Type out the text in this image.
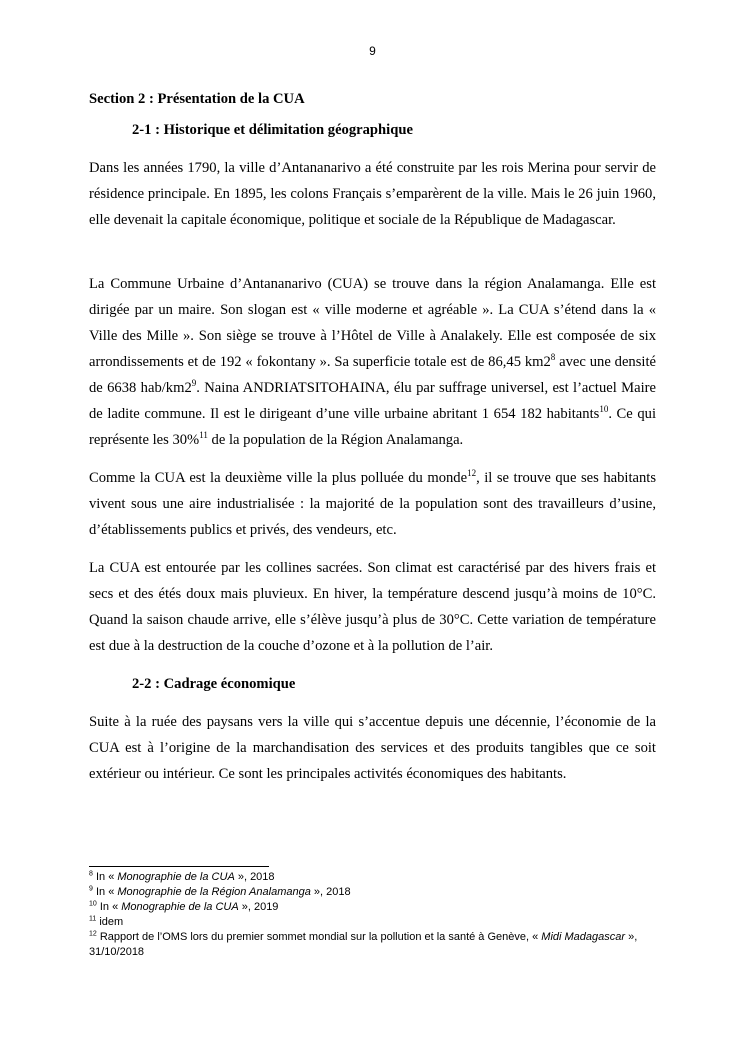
9
Section 2 : Présentation de la CUA
2-1 : Historique et délimitation géographique

Dans les années 1790, la ville d’Antananarivo a été construite par les rois Merina pour servir de résidence principale. En 1895, les colons Français s’emparèrent de la ville. Mais le 26 juin 1960, elle devenait la capitale économique, politique et sociale de la République de Madagascar.

La Commune Urbaine d’Antananarivo (CUA) se trouve dans la région Analamanga. Elle est dirigée par un maire. Son slogan est « ville moderne et agréable ». La CUA s’étend dans la « Ville des Mille ». Son siège se trouve à l’Hôtel de Ville à Analakely. Elle est composée de six arrondissements et de 192 « fokontany ». Sa superficie totale est de 86,45 $km2^8$ avec une densité de 6638 hab/$km2^9$. Naina ANDRIATSITOHAINA, élu par suffrage universel, est l’actuel Maire de ladite commune. Il est le dirigeant d’une ville urbaine abritant 1 654 182 habitants$^{10}$. Ce qui représente les 30%$^{11}$ de la population de la Région Analamanga.

Comme la CUA est la deuxième ville la plus polluée du monde$^{12}$, il se trouve que ses habitants vivent sous une aire industrialisée : la majorité de la population sont des travailleurs d’usine, d’établissements publics et privés, des vendeurs, etc.

La CUA est entourée par les collines sacrées. Son climat est caractérisé par des hivers frais et secs et des étés doux mais pluvieux. En hiver, la température descend jusqu’à moins de 10°C. Quand la saison chaude arrive, elle s’élève jusqu’à plus de 30°C. Cette variation de température est due à la destruction de la couche d’ozone et à la pollution de l’air.

2-2 : Cadrage économique

Suite à la ruée des paysans vers la ville qui s’accentue depuis une décennie, l’économie de la CUA est à l’origine de la marchandisation des services et des produits tangibles que ce soit extérieur ou intérieur. Ce sont les principales activités économiques des habitants.

$^8$ In « Monographie de la CUA », 2018

$^9$ In « Monographie de la Région Analamanga », 2018

$^{10}$ In « Monographie de la CUA », 2019

$^{11}$ idem

$^{12}$ Rapport de l’OMS lors du premier sommet mondial sur la pollution et la santé à Genève, « Midi Madagascar », 31/10/2018
